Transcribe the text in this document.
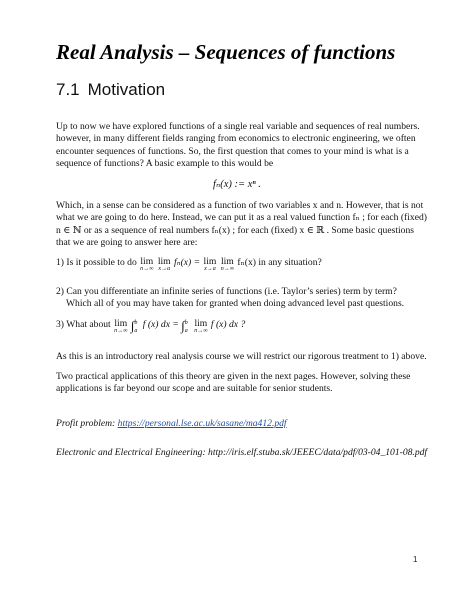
Real Analysis – Sequences of functions
7.1 Motivation
Up to now we have explored functions of a single real variable and sequences of real numbers.
however, in many different fields ranging from economics to electronic engineering, we often
encounter sequences of functions. So, the first question that comes to your mind is what is a
sequence of functions? A basic example to this would be
fₙ(x) := xⁿ .
Which, in a sense can be considered as a function of two variables x and n. However, that is not
what we are going to do here. Instead, we can put it as a real valued function fₙ ; for each (fixed)
n ∈ ℕ or as a sequence of real numbers fₙ(x) ; for each (fixed) x ∈ ℝ . Some basic questions
that we are going to answer here are:
1) Is it possible to do lim
n→∞
lim
x→a
fₙ(x) = lim
x→a
lim
n→∞
fₙ(x) in any situation?
2) Can you differentiate an infinite series of functions (i.e. Taylor’s series) term by term?
Which all of you may have taken for granted when doing advanced level past questions.
3) What about lim
n→∞ ∫b
a f (x) dx = ∫b
a lim
n→∞
f (x) dx ?
As this is an introductory real analysis course we will restrict our rigorous treatment to 1) above.
Two practical applications of this theory are given in the next pages. However, solving these
applications is far beyond our scope and are suitable for senior students.
Profit problem: https://personal.lse.ac.uk/sasane/ma412.pdf
Electronic and Electrical Engineering: http://iris.elf.stuba.sk/JEEEC/data/pdf/03-04_101-08.pdf
1
